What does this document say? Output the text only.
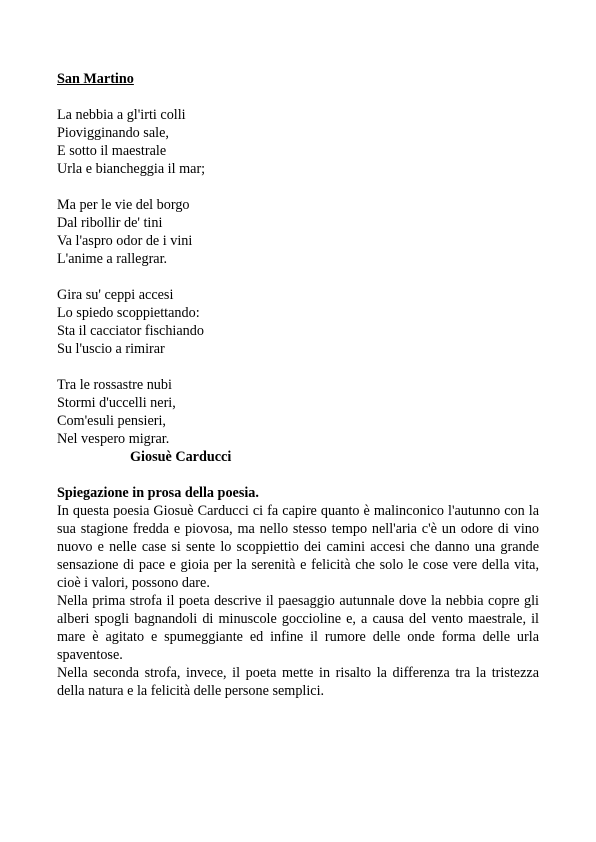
San Martino
La nebbia a gl'irti colli
Piovigginando sale,
E sotto il maestrale
Urla e biancheggia il mar;
Ma per le vie del borgo
Dal ribollir de' tini
Va l'aspro odor de i vini
L'anime a rallegrar.
Gira su' ceppi accesi
Lo spiedo scoppiettando:
Sta il cacciator fischiando
Su l'uscio a rimirar
Tra le rossastre nubi
Stormi d'uccelli neri,
Com'esuli pensieri,
Nel vespero migrar.
Giosuè Carducci
Spiegazione in prosa della poesia.

In questa poesia Giosuè Carducci ci fa capire quanto è malinconico l'autunno con la sua stagione fredda e piovosa, ma nello stesso tempo nell'aria c'è un odore di vino nuovo e nelle case si sente lo scoppiettio dei camini accesi che danno una grande sensazione di pace e gioia per la serenità e felicità che solo le cose vere della vita, cioè i valori, possono dare.

Nella prima strofa il poeta descrive il paesaggio autunnale dove la nebbia copre gli alberi spogli bagnandoli di minuscole goccioline e, a causa del vento maestrale, il mare è agitato e spumeggiante ed infine il rumore delle onde forma delle urla spaventose.

Nella seconda strofa, invece, il poeta mette in risalto la differenza tra la tristezza della natura e la felicità delle persone semplici.
